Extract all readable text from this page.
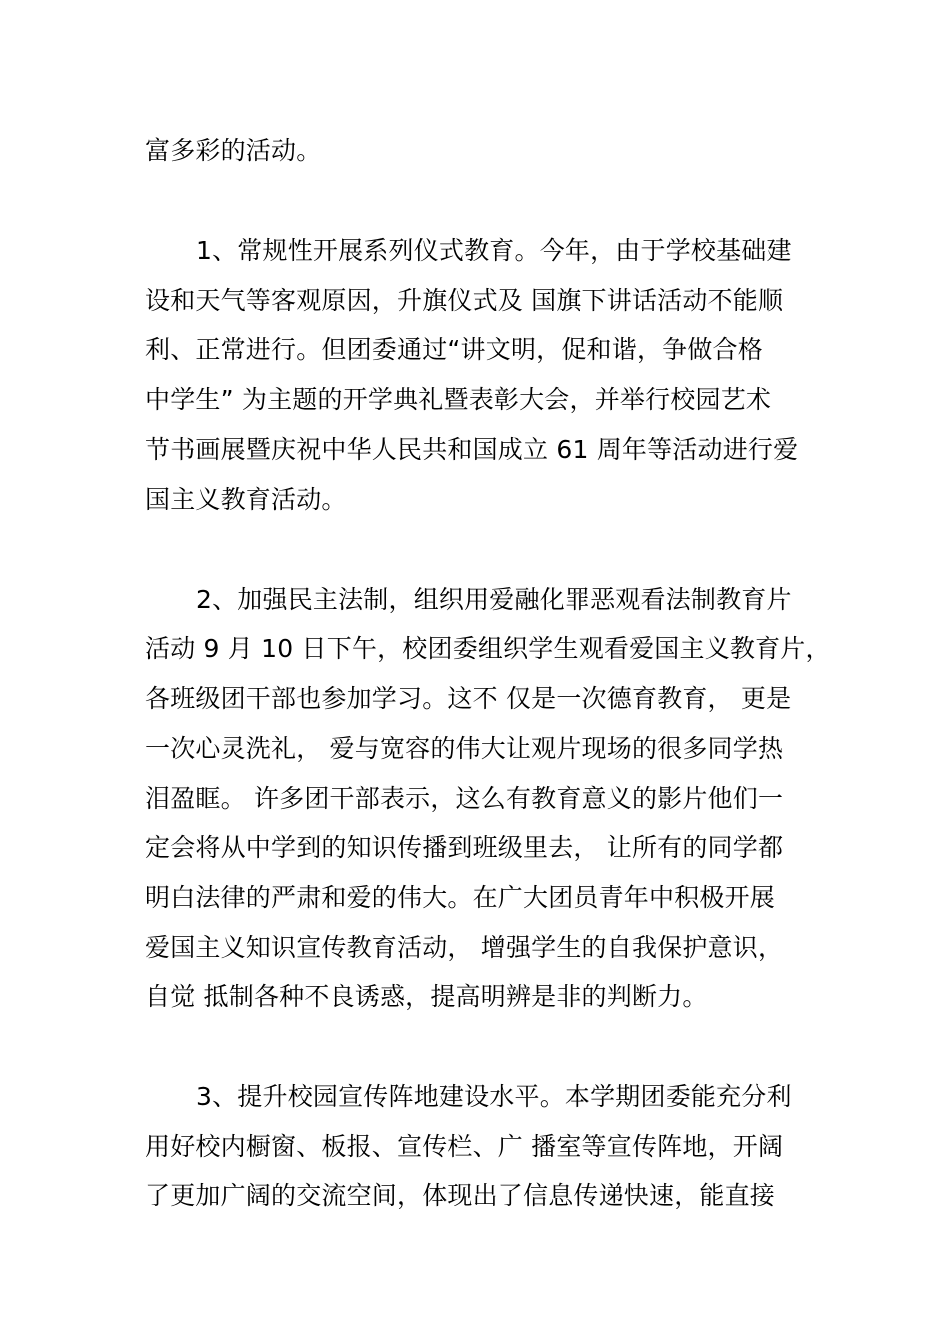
富多彩的活动。
1、常规性开展系列仪式教育。今年，由于学校基础建
设和天气等客观原因，升旗仪式及 国旗下讲话活动不能顺
利、正常进行。但团委通过“讲文明，促和谐，争做合格
中学生” 为主题的开学典礼暨表彰大会，并举行校园艺术
节书画展暨庆祝中华人民共和国成立 61 周年等活动进行爱
国主义教育活动。
2、加强民主法制，组织用爱融化罪恶观看法制教育片
活动 9 月 10 日下午，校团委组织学生观看爱国主义教育片，
各班级团干部也参加学习。这不 仅是一次德育教育， 更是
一次心灵洗礼， 爱与宽容的伟大让观片现场的很多同学热
泪盈眶。 许多团干部表示，这么有教育意义的影片他们一
定会将从中学到的知识传播到班级里去， 让所有的同学都
明白法律的严肃和爱的伟大。在广大团员青年中积极开展
爱国主义知识宣传教育活动， 增强学生的自我保护意识，
自觉 抵制各种不良诱惑，提高明辨是非的判断力。
3、提升校园宣传阵地建设水平。本学期团委能充分利
用好校内橱窗、板报、宣传栏、广 播室等宣传阵地，开阔
了更加广阔的交流空间，体现出了信息传递快速，能直接
